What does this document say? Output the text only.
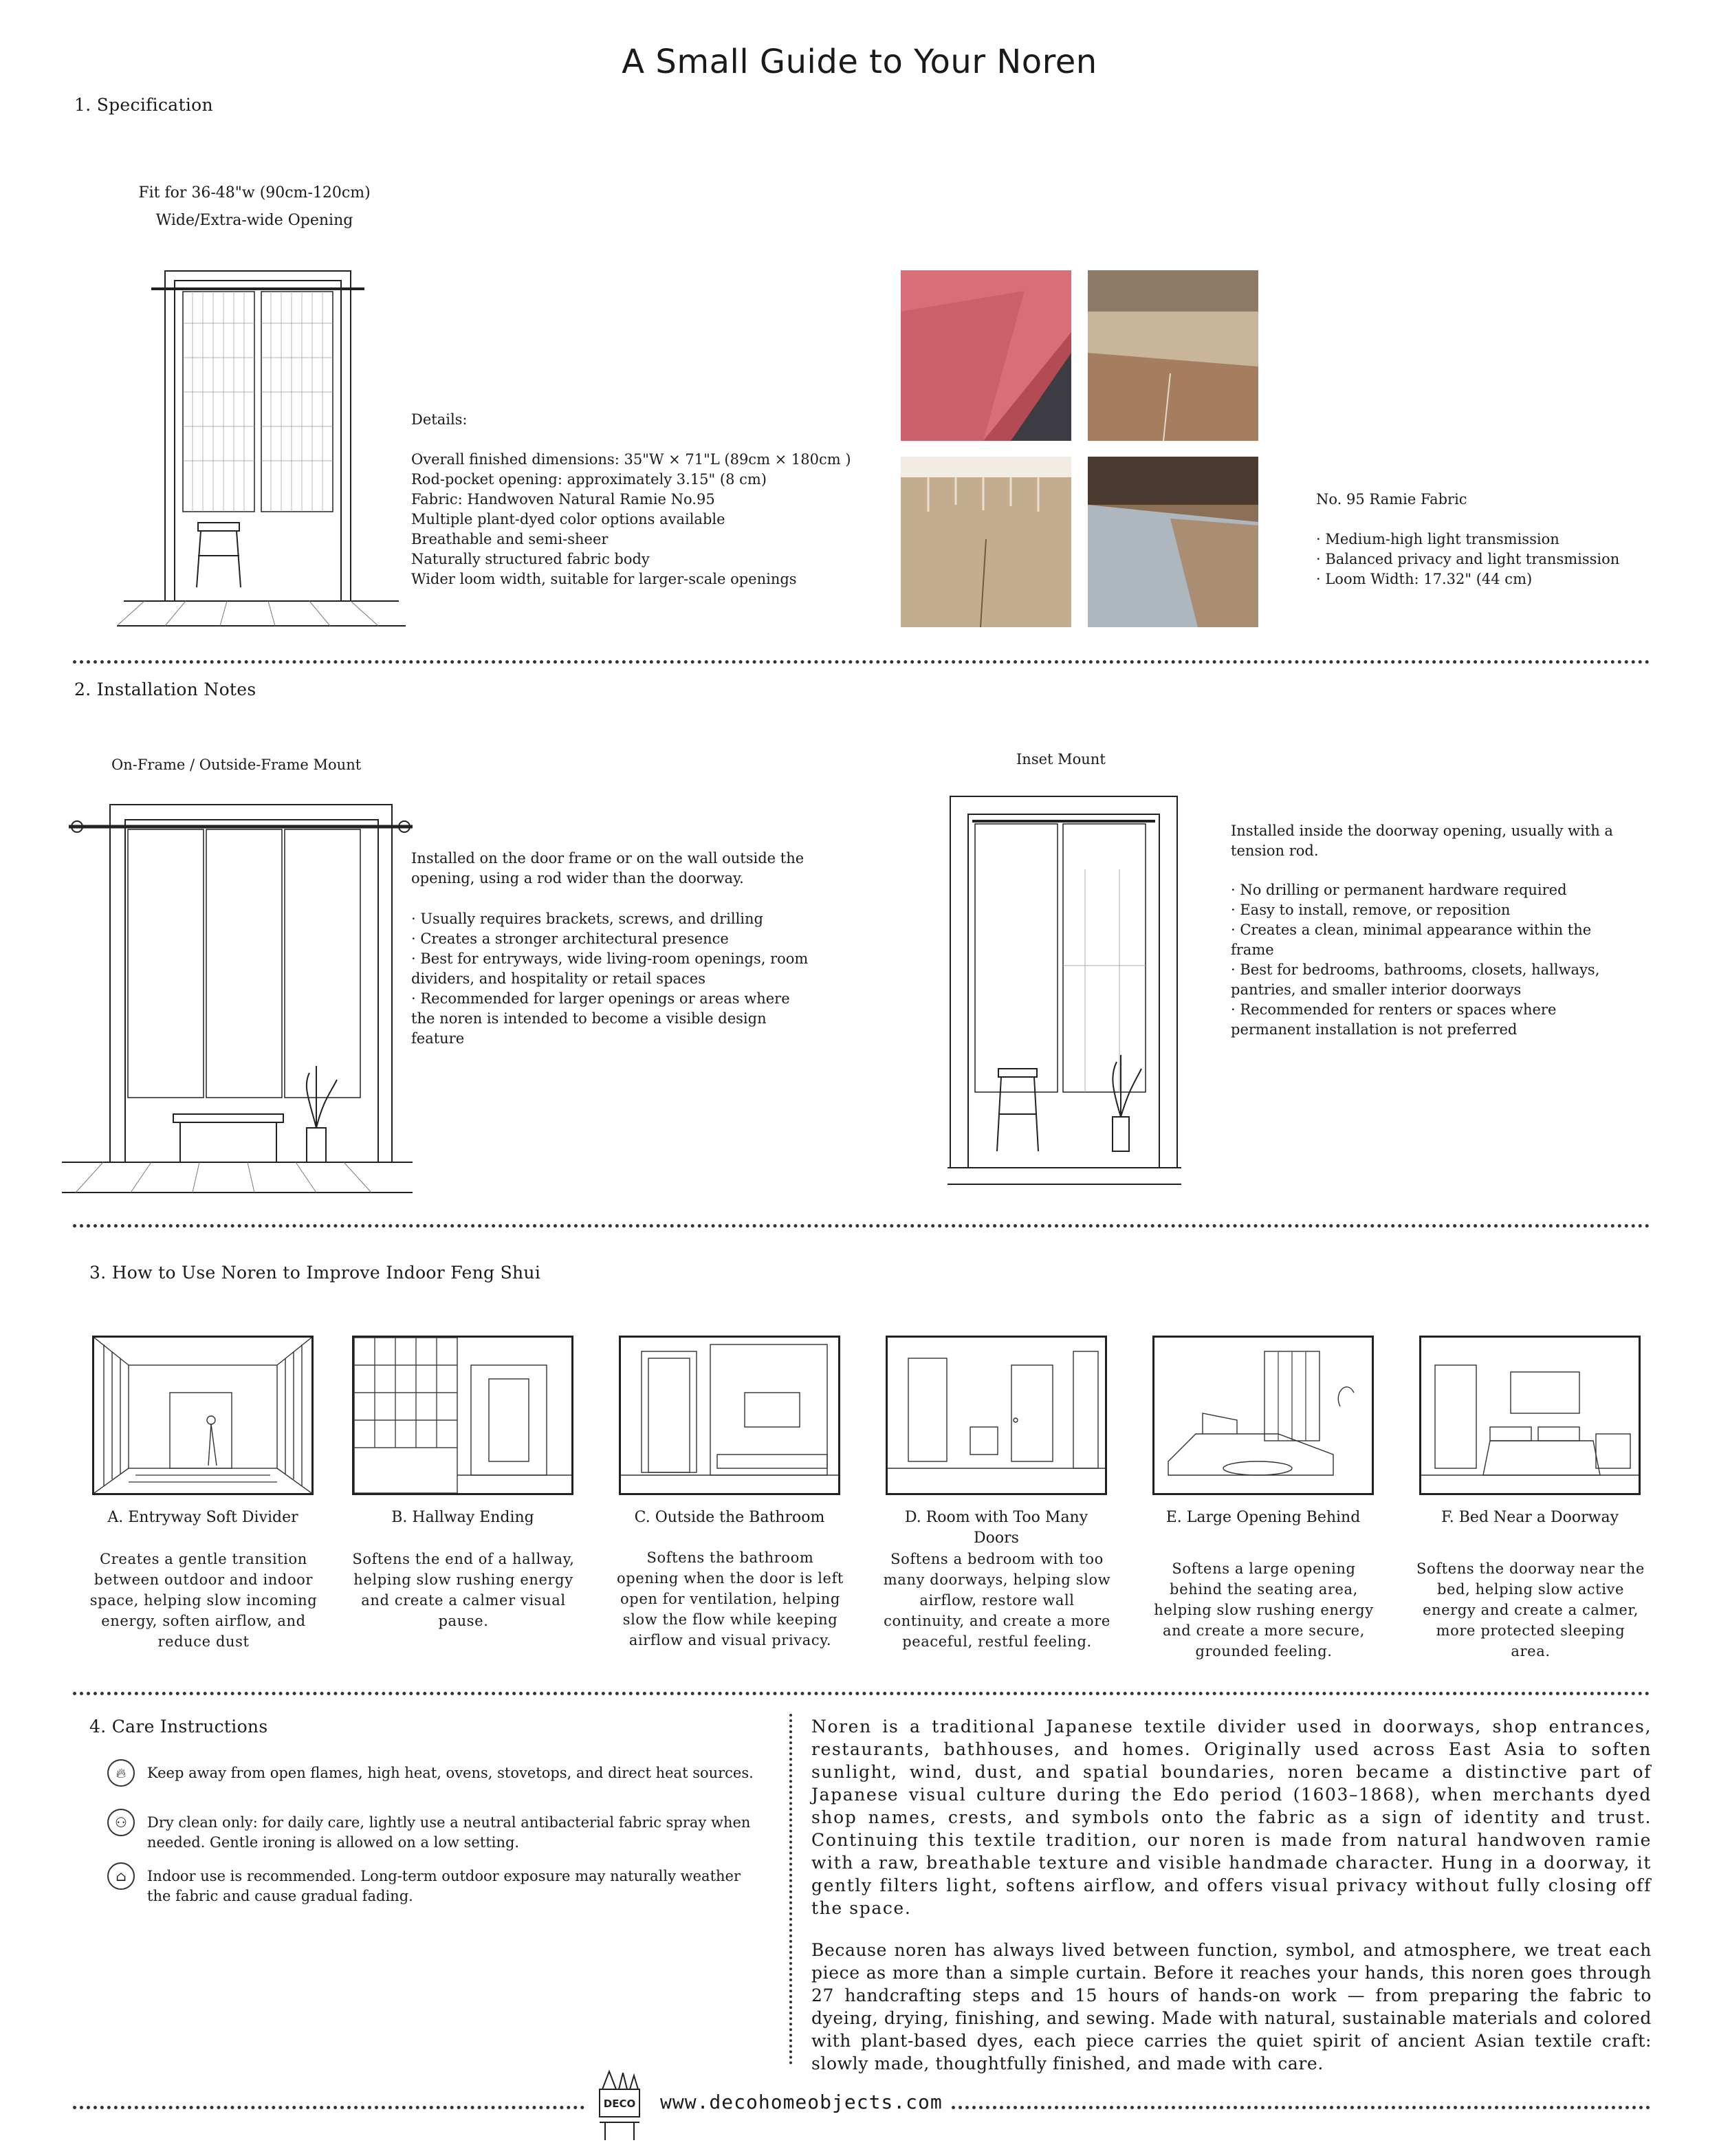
A Small Guide to Your Noren
1. Specification
Fit for 36-48"w (90cm-120cm)
Wide/Extra-wide Opening
Details:
Overall finished dimensions: 35"W × 71"L (89cm × 180cm )
Rod-pocket opening: approximately 3.15" (8 cm)
Fabric: Handwoven Natural Ramie No.95
Multiple plant-dyed color options available
Breathable and semi-sheer
Naturally structured fabric body
Wider loom width, suitable for larger-scale openings
No. 95 Ramie Fabric
· Medium-high light transmission
· Balanced privacy and light transmission
· Loom Width: 17.32" (44 cm)
2. Installation Notes
On-Frame / Outside-Frame Mount
Installed on the door frame or on the wall outside the opening, using a rod wider than the doorway.
· Usually requires brackets, screws, and drilling
· Creates a stronger architectural presence
· Best for entryways, wide living-room openings, room dividers, and hospitality or retail spaces
· Recommended for larger openings or areas where the noren is intended to become a visible design feature
Inset Mount
Installed inside the doorway opening, usually with a tension rod.
· No drilling or permanent hardware required
· Easy to install, remove, or reposition
· Creates a clean, minimal appearance within the frame
· Best for bedrooms, bathrooms, closets, hallways, pantries, and smaller interior doorways
· Recommended for renters or spaces where permanent installation is not preferred
3. How to Use Noren to Improve Indoor Feng Shui
A. Entryway Soft Divider	B. Hallway Ending	C. Outside the Bathroom	D. Room with Too Many Doors
E. Large Opening Behind	F. Bed Near a Doorway
Creates a gentle transition between outdoor and indoor space, helping slow incoming energy, soften airflow, and reduce dust
Softens the end of a hallway, helping slow rushing energy and create a calmer visual pause.
Softens the bathroom opening when the door is left open for ventilation, helping slow the flow while keeping airflow and visual privacy.
Softens a bedroom with too many doorways, helping slow airflow, restore wall continuity, and create a more peaceful, restful feeling.
Softens a large opening behind the seating area, helping slow rushing energy and create a more secure, grounded feeling.
Softens the doorway near the bed, helping slow active energy and create a calmer, more protected sleeping area.
4. Care Instructions
🔥︎	Keep away from open flames, high heat, ovens, stovetops, and direct heat sources.
⚇	Dry clean only: for daily care, lightly use a neutral antibacterial fabric spray when needed. Gentle ironing is allowed on a low setting.
⌂	Indoor use is recommended. Long-term outdoor exposure may naturally weather the fabric and cause gradual fading.

Noren is a traditional Japanese textile divider used in doorways, shop entrances, restaurants, bathhouses, and homes. Originally used across East Asia to soften sunlight, wind, dust, and spatial boundaries, noren became a distinctive part of Japanese visual culture during the Edo period (1603–1868), when merchants dyed shop names, crests, and symbols onto the fabric as a sign of identity and trust. Continuing this textile tradition, our noren is made from natural handwoven ramie with a raw, breathable texture and visible handmade character. Hung in a doorway, it gently filters light, softens airflow, and offers visual privacy without fully closing off the space.

Because noren has always lived between function, symbol, and atmosphere, we treat each piece as more than a simple curtain. Before it reaches your hands, this noren goes through 27 handcrafting steps and 15 hours of hands-on work — from preparing the fabric to dyeing, drying, finishing, and sewing. Made with natural, sustainable materials and colored with plant-based dyes, each piece carries the quiet spirit of ancient Asian textile craft: slowly made, thoughtfully finished, and made with care.

DECO www.decohomeobjects.com
